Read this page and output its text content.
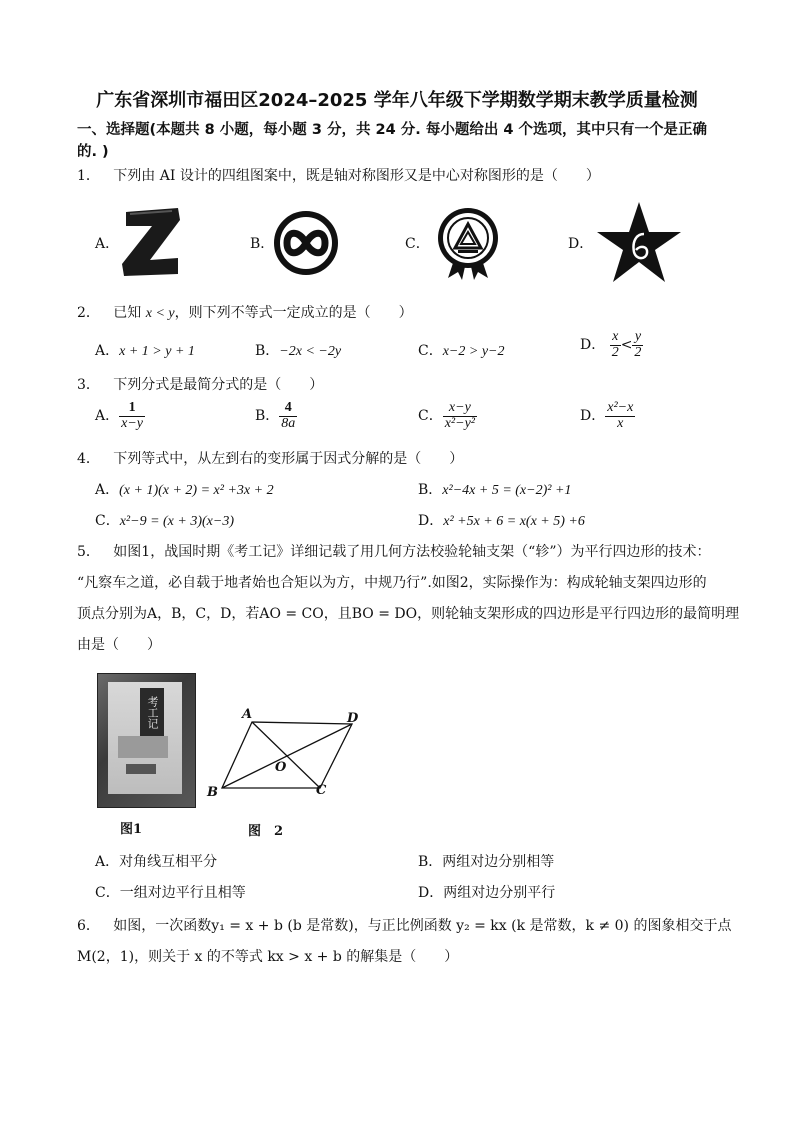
广东省深圳市福田区2024–2025 学年八年级下学期数学期末教学质量检测
一、选择题(本题共 8 小题，每小题 3 分，共 24 分. 每小题给出 4 个选项，其中只有一个是正确
的. )
1． 下列由 AI 设计的四组图案中，既是轴对称图形又是中心对称图形的是（　　）
A．	B．	C．	D．
2． 已知 x < y，则下列不等式一定成立的是（　　）
A．x + 1 > y + 1	B．−2x < −2y	C．x−2 > y−2	D． $\frac{x}{2} < \frac{y}{2}$
3． 下列分式是最简分式的是（　　）
A． $\frac{1}{x-y}$	B． $\frac{4}{8a}$	C． $\frac{x-y}{\text{x²−y²}}$	D． $\frac{\text{x²−x}}{x}$
4． 下列等式中，从左到右的变形属于因式分解的是（　　）
A．(x + 1)(x + 2) = x² +3x + 2	B．x²−4x + 5 = (x−2)² +1
C．x²−9 = (x + 3)(x−3)	D．x² +5x + 6 = x(x + 5) +6
5． 如图1，战国时期《考工记》详细记载了用几何方法校验轮轴支架（“轸”）为平行四边形的技术：
“凡察车之道，必自载于地者始也合矩以为方，中规乃行”.如图2，实际操作为：构成轮轴支架四边形的
顶点分别为A，B，C，D，若AO = CO，且BO = DO，则轮轴支架形成的四边形是平行四边形的最简明理
由是（　　）
考工记
图1
A	D
B	C
O
图　2
A．对角线互相平分	B．两组对边分别相等
C．一组对边平行且相等	D．两组对边分别平行
6． 如图，一次函数y₁ = x + b (b 是常数)，与正比例函数 y₂ = kx (k 是常数，k ≠ 0) 的图象相交于点
M(2，1)，则关于 x 的不等式 kx > x + b 的解集是（　　）
